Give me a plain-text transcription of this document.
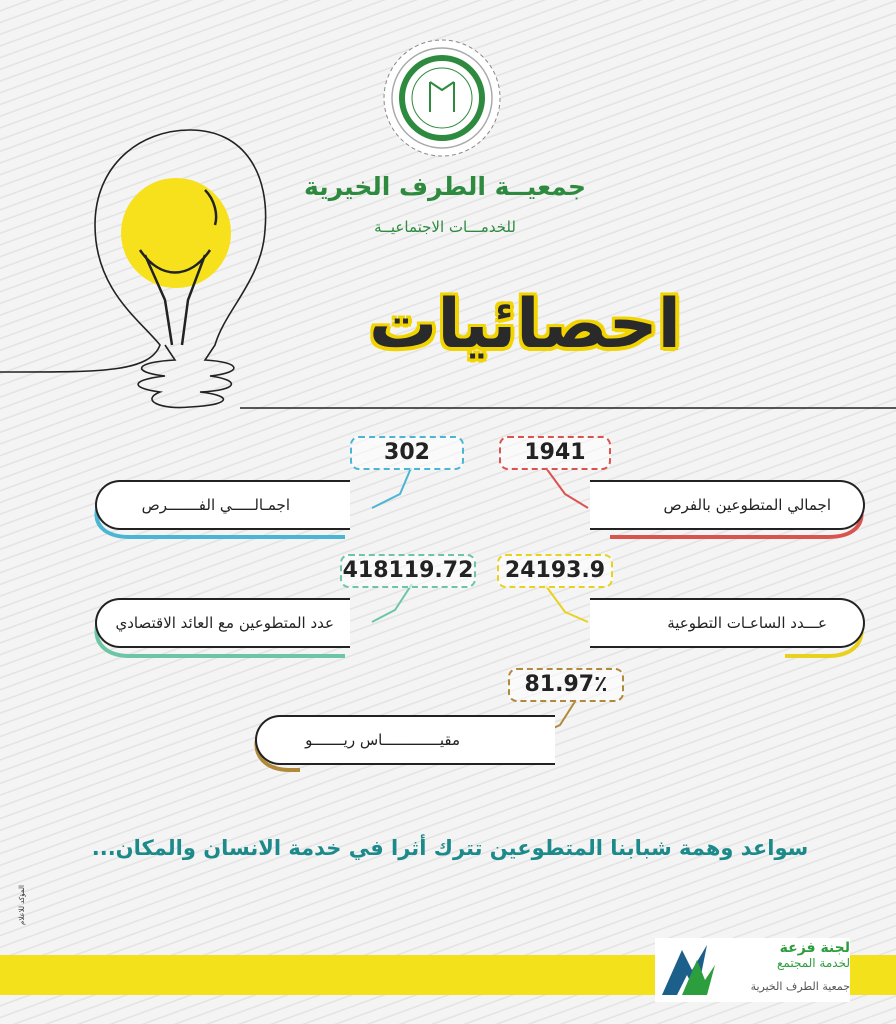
جمعيــة الطرف الخيرية
للخدمـــات الاجتماعيــة
احصائيات
1941
اجمالي المتطوعين بالفرص
302
اجمـالـــــي الفـــــــرص
24193.9
عـــدد الساعـات التطوعية
418119.72
عدد المتطوعين مع العائد الاقتصادي
81.97٪
مقيـــــــــــــاس ريـــــــو
سواعد وهمة شبابنا المتطوعين تترك أثرا في خدمة الانسان والمكان...
المؤكد للاعلام
لجنة فزعة
لخدمة المجتمع
جمعية الطرف الخيرية
